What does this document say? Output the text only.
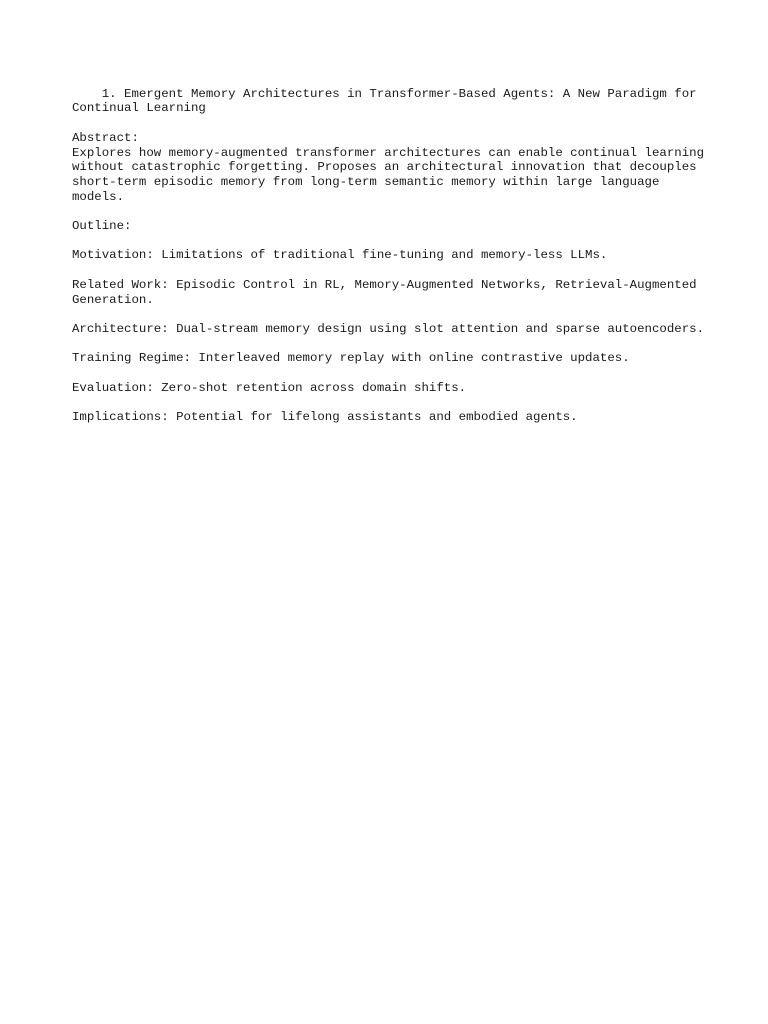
1. Emergent Memory Architectures in Transformer-Based Agents: A New Paradigm for Continual Learning

Abstract:
Explores how memory-augmented transformer architectures can enable continual learning without catastrophic forgetting. Proposes an architectural innovation that decouples short-term episodic memory from long-term semantic memory within large language models.
Outline:
Motivation: Limitations of traditional fine-tuning and memory-less LLMs.
Related Work: Episodic Control in RL, Memory-Augmented Networks, Retrieval-Augmented Generation.
Architecture: Dual-stream memory design using slot attention and sparse autoencoders.
Training Regime: Interleaved memory replay with online contrastive updates.
Evaluation: Zero-shot retention across domain shifts.
Implications: Potential for lifelong assistants and embodied agents.
